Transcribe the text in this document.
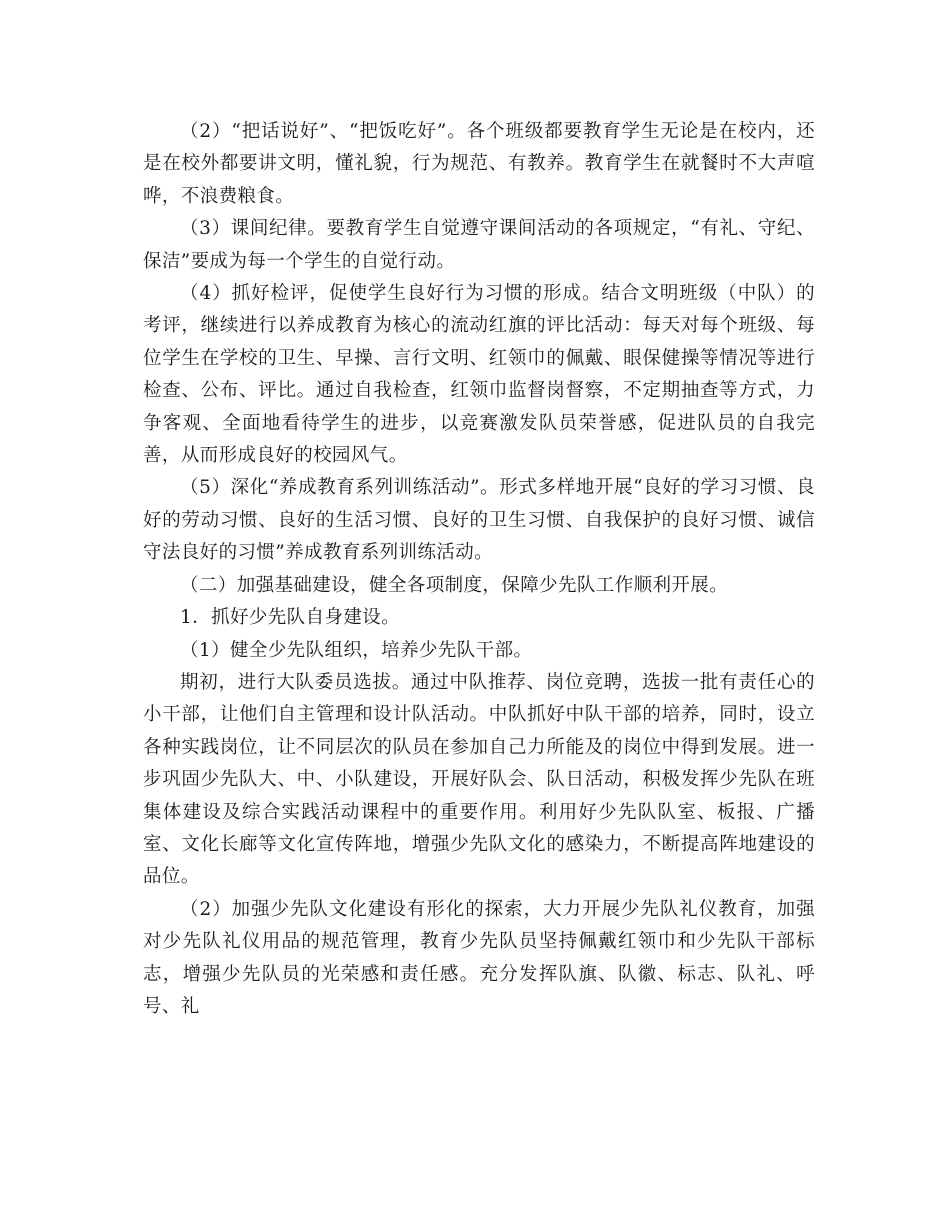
（2）“把话说好”、“把饭吃好”。各个班级都要教育学生无论是在校内，还是在校外都要讲文明，懂礼貌，行为规范、有教养。教育学生在就餐时不大声喧哗，不浪费粮食。

（3）课间纪律。要教育学生自觉遵守课间活动的各项规定，“有礼、守纪、保洁”要成为每一个学生的自觉行动。

（4）抓好检评，促使学生良好行为习惯的形成。结合文明班级（中队）的考评，继续进行以养成教育为核心的流动红旗的评比活动：每天对每个班级、每位学生在学校的卫生、早操、言行文明、红领巾的佩戴、眼保健操等情况等进行检查、公布、评比。通过自我检查，红领巾监督岗督察，不定期抽查等方式，力争客观、全面地看待学生的进步，以竞赛激发队员荣誉感，促进队员的自我完善，从而形成良好的校园风气。

（5）深化“养成教育系列训练活动”。形式多样地开展“良好的学习习惯、良好的劳动习惯、良好的生活习惯、良好的卫生习惯、自我保护的良好习惯、诚信守法良好的习惯”养成教育系列训练活动。

（二）加强基础建设，健全各项制度，保障少先队工作顺利开展。

1．抓好少先队自身建设。

（1）健全少先队组织，培养少先队干部。

期初，进行大队委员选拔。通过中队推荐、岗位竞聘，选拔一批有责任心的小干部，让他们自主管理和设计队活动。中队抓好中队干部的培养，同时，设立各种实践岗位，让不同层次的队员在参加自己力所能及的岗位中得到发展。进一步巩固少先队大、中、小队建设，开展好队会、队日活动，积极发挥少先队在班集体建设及综合实践活动课程中的重要作用。利用好少先队队室、板报、广播室、文化长廊等文化宣传阵地，增强少先队文化的感染力，不断提高阵地建设的品位。

（2）加强少先队文化建设有形化的探索，大力开展少先队礼仪教育，加强对少先队礼仪用品的规范管理，教育少先队员坚持佩戴红领巾和少先队干部标志，增强少先队员的光荣感和责任感。充分发挥队旗、队徽、标志、队礼、呼号、礼
